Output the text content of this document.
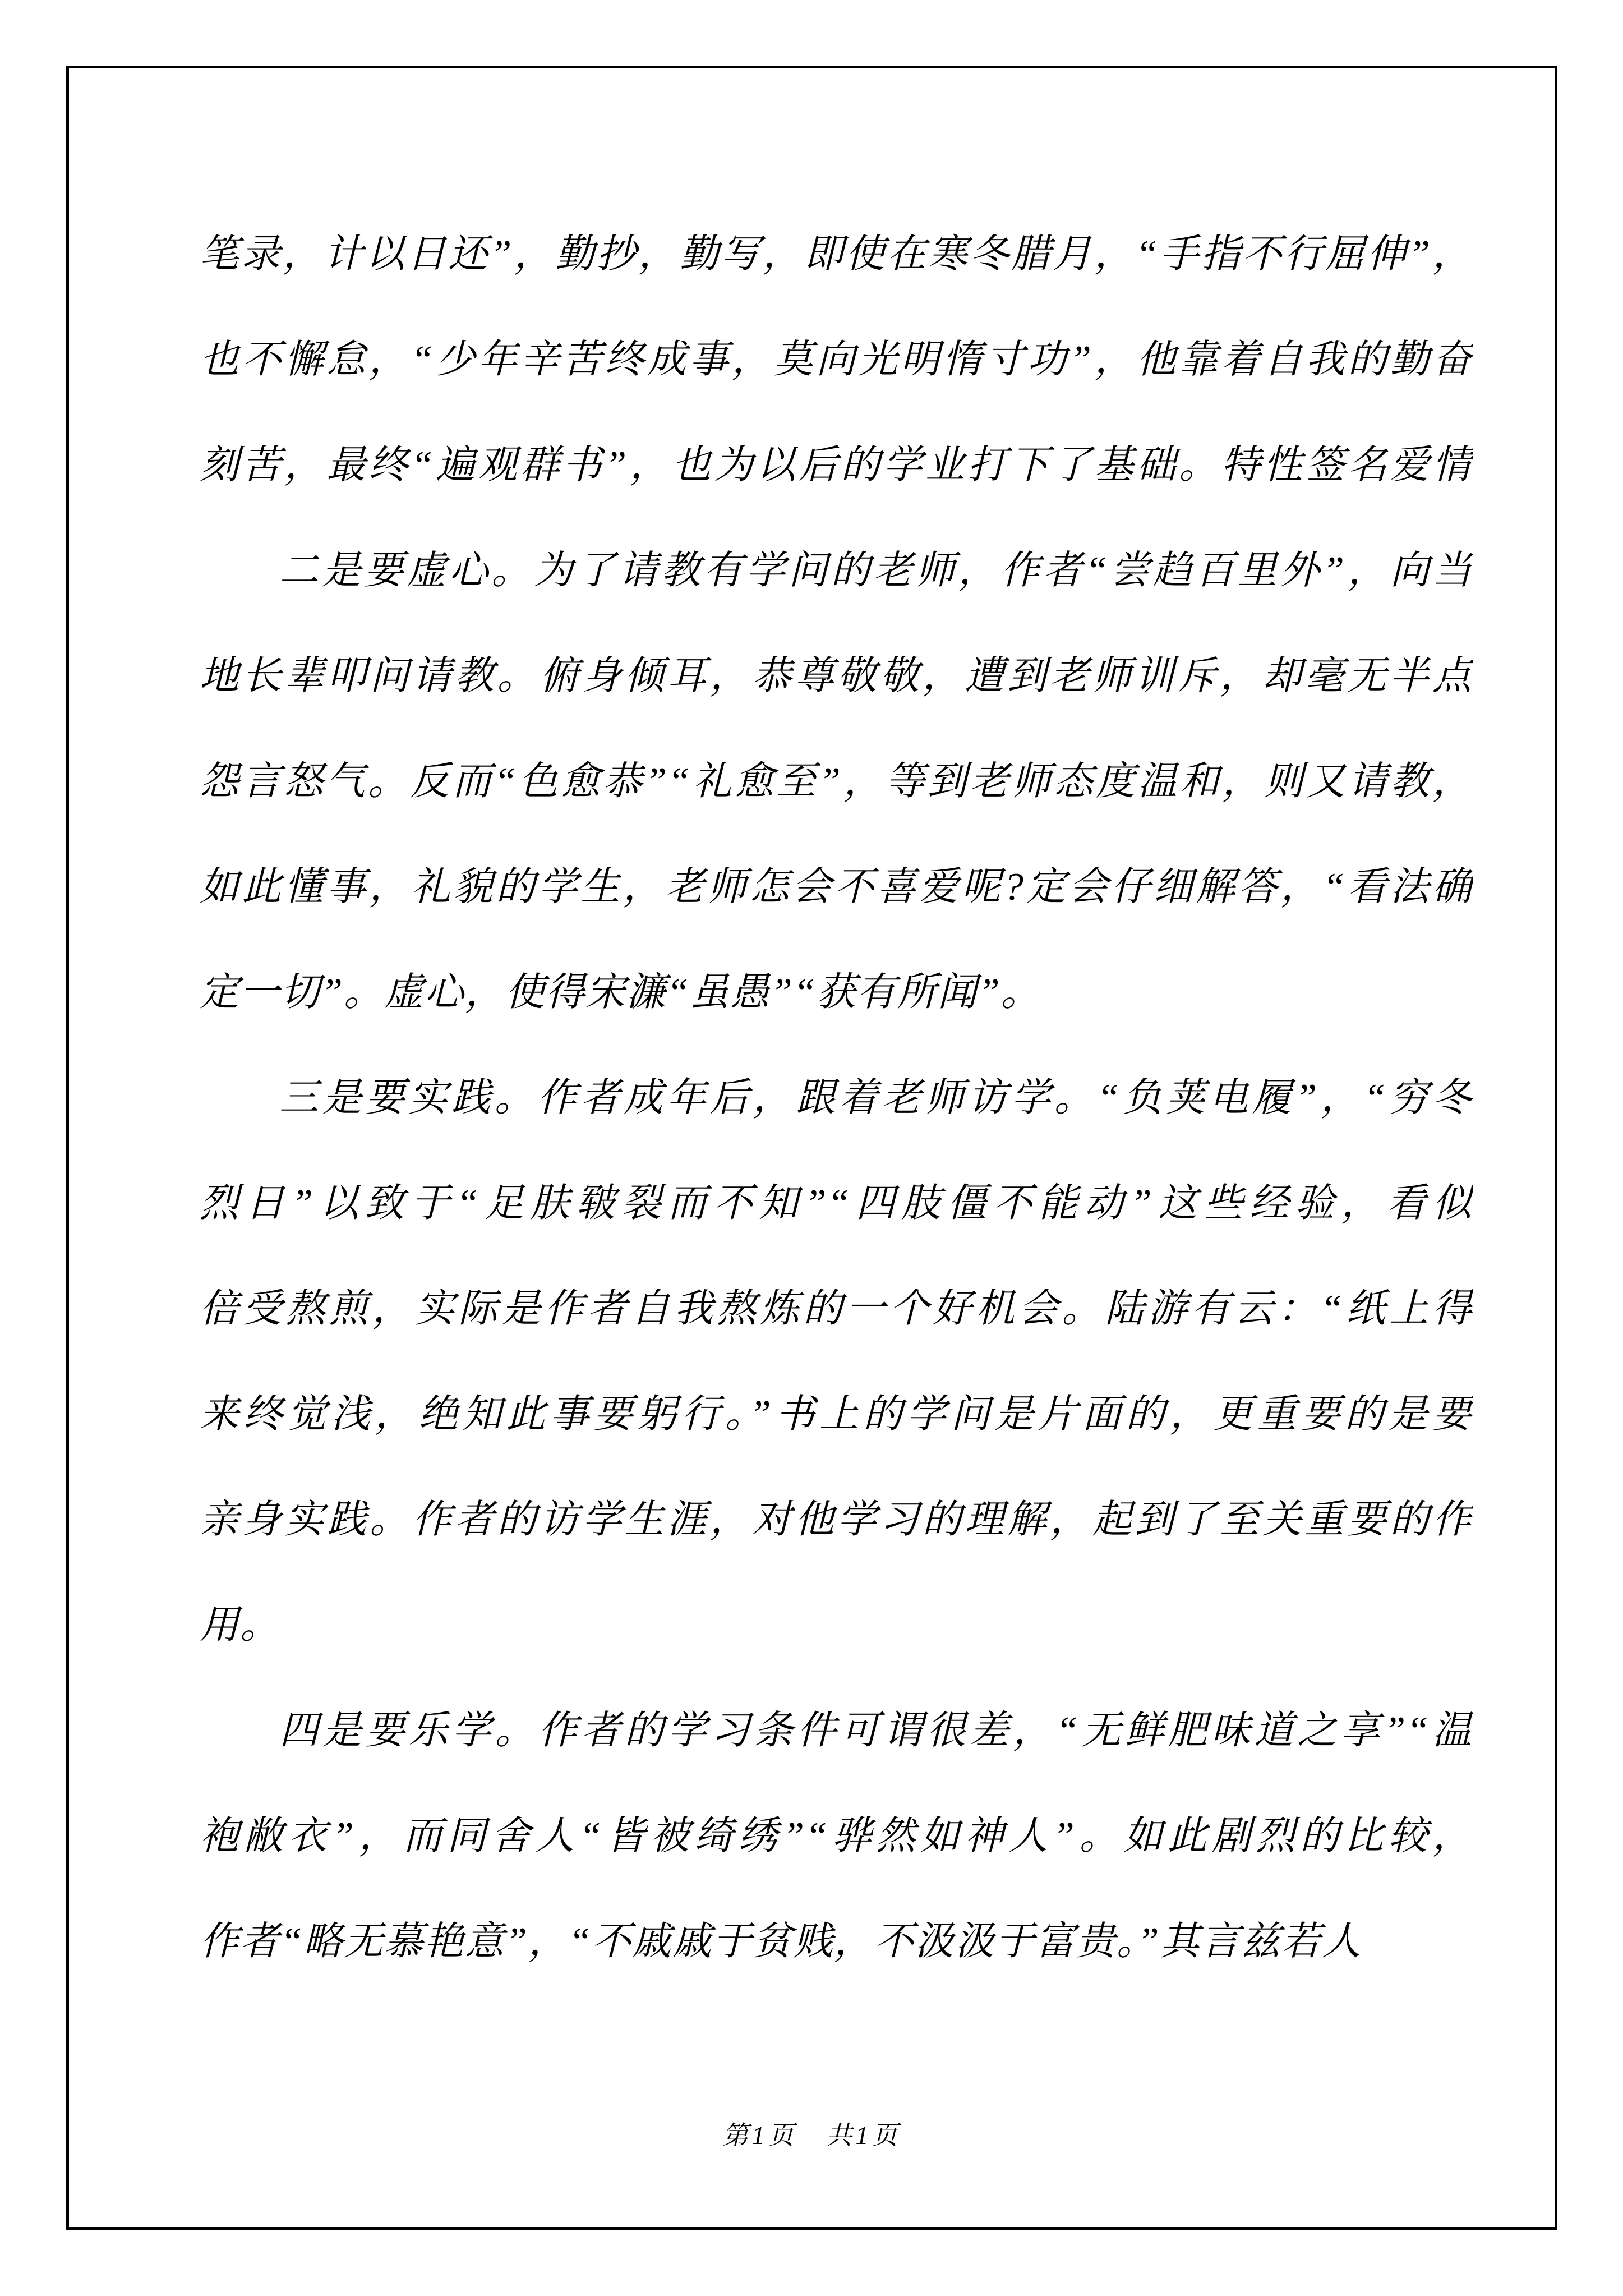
笔录，计以日还”，勤抄，勤写，即使在寒冬腊月，“手指不行屈伸”，
也不懈怠，“少年辛苦终成事，莫向光明惰寸功”，他靠着自我的勤奋
刻苦，最终“遍观群书”，也为以后的学业打下了基础。特性签名爱情
二是要虚心。为了请教有学问的老师，作者“尝趋百里外”，向当
地长辈叩问请教。俯身倾耳，恭尊敬敬，遭到老师训斥，却毫无半点
怨言怒气。反而“色愈恭”“礼愈至”，等到老师态度温和，则又请教，
如此懂事，礼貌的学生，老师怎会不喜爱呢?定会仔细解答，“看法确
定一切”。虚心，使得宋濂“虽愚”“获有所闻”。
三是要实践。作者成年后，跟着老师访学。“负荚电履”，“穷冬
烈日”以致于“足肤皲裂而不知”“四肢僵不能动”这些经验，看似
倍受熬煎，实际是作者自我熬炼的一个好机会。陆游有云：“纸上得
来终觉浅，绝知此事要躬行。”书上的学问是片面的，更重要的是要
亲身实践。作者的访学生涯，对他学习的理解，起到了至关重要的作
用。
四是要乐学。作者的学习条件可谓很差，“无鲜肥味道之享”“温
袍敝衣”，而同舍人“皆被绮绣”“骅然如神人”。如此剧烈的比较，
作者“略无慕艳意”，“不戚戚于贫贱，不汲汲于富贵。”其言兹若人
第1页　共1页
